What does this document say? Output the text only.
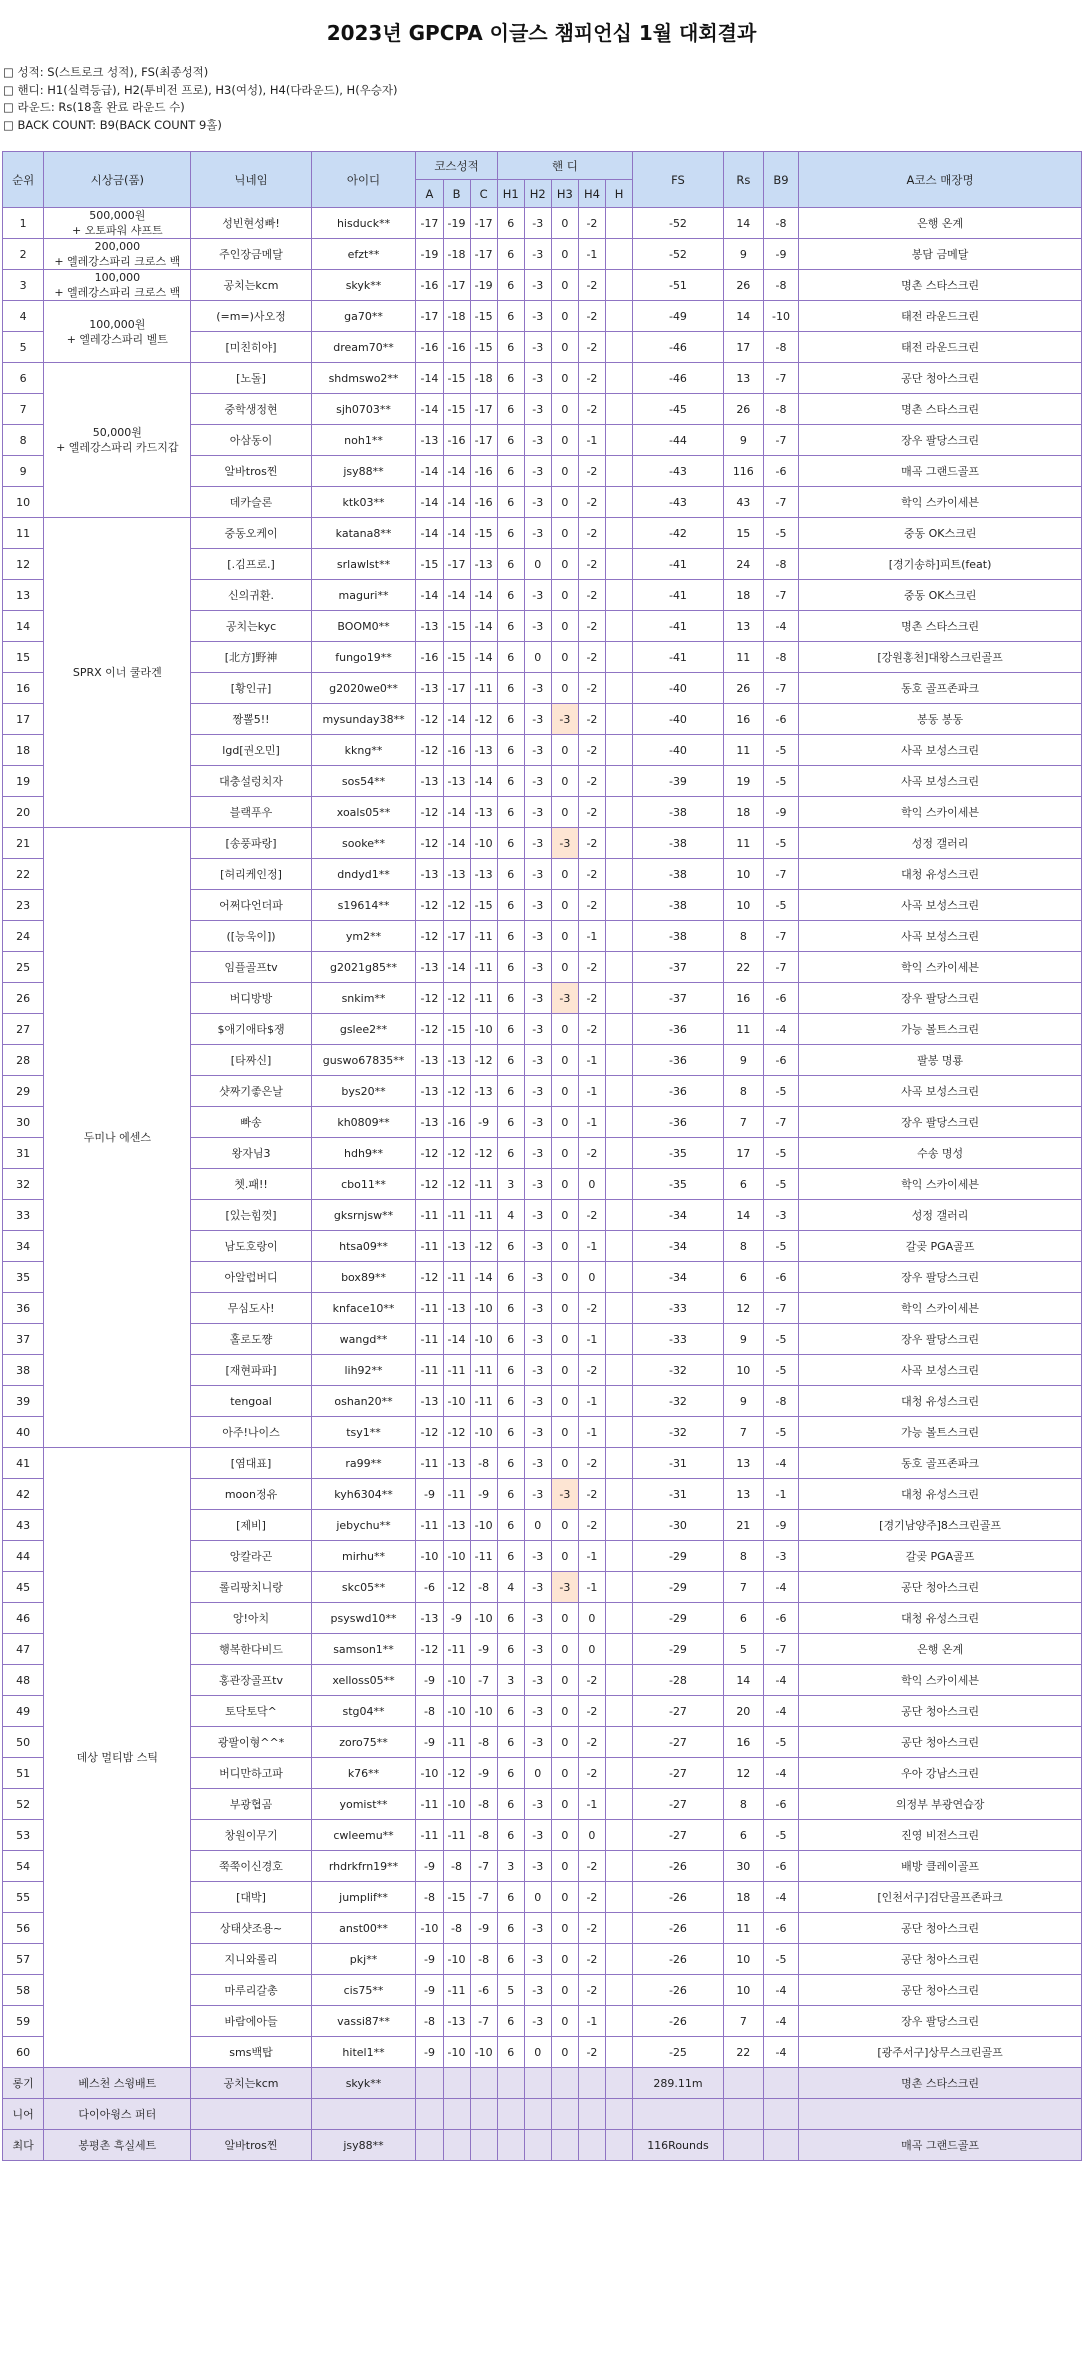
2023년 GPCPA 이글스 챔피언십 1월 대회결과
□ 성적: S(스트로크 성적), FS(최종성적)
□ 핸디: H1(실력등급), H2(투비전 프로), H3(여성), H4(다라운드), H(우승자)
□ 라운드: Rs(18홀 완료 라운드 수)
□ BACK COUNT: B9(BACK COUNT 9홀)
순위	시상금(품)	닉네임	아이디	코스성적			핸 디					FS	Rs	B9	A코스 매장명
				A	B	C	H1	H2	H3	H4	H				
1	500,000원
+ 오토파워 샤프트	성빈현성빠!	hisduck**	-17	-19	-17	6	-3	0	-2		-52	14	-8	은행 온계
2	200,000
+ 엘레강스파리 크로스 백	주인장금메달	efzt**	-19	-18	-17	6	-3	0	-1		-52	9	-9	봉담 금메달
3	100,000
+ 엘레강스파리 크로스 백	공치는kcm	skyk**	-16	-17	-19	6	-3	0	-2		-51	26	-8	명촌 스타스크린
4	100,000원
+ 엘레강스파리 벨트	(=m=)사오정	ga70**	-17	-18	-15	6	-3	0	-2		-49	14	-10	태전 라운드크린
5		[미친히야]	dream70**	-16	-16	-15	6	-3	0	-2		-46	17	-8	태전 라운드크린
6	50,000원
+ 엘레강스파리 카드지갑	[노돌]	shdmswo2**	-14	-15	-18	6	-3	0	-2		-46	13	-7	공단 청아스크린
7		중학생정현	sjh0703**	-14	-15	-17	6	-3	0	-2		-45	26	-8	명촌 스타스크린
8		아삼동이	noh1**	-13	-16	-17	6	-3	0	-1		-44	9	-7	장우 팔당스크린
9		알바tros찐	jsy88**	-14	-14	-16	6	-3	0	-2		-43	116	-6	매곡 그랜드골프
10		데카슬론	ktk03**	-14	-14	-16	6	-3	0	-2		-43	43	-7	학익 스카이세븐
11	SPRX 이너 쿨라겐	중동오케이	katana8**	-14	-14	-15	6	-3	0	-2		-42	15	-5	중동 OK스크린
12		[.김프로.]	srlawlst**	-15	-17	-13	6	0	0	-2		-41	24	-8	[경기송하]피트(feat)
13		신의귀환.	maguri**	-14	-14	-14	6	-3	0	-2		-41	18	-7	중동 OK스크린
14		공치는kyc	BOOM0**	-13	-15	-14	6	-3	0	-2		-41	13	-4	명촌 스타스크린
15		[北方]野神	fungo19**	-16	-15	-14	6	0	0	-2		-41	11	-8	[강원홍천]대왕스크린골프
16		[황인규]	g2020we0**	-13	-17	-11	6	-3	0	-2		-40	26	-7	동호 골프존파크
17		짱뽈5!!	mysunday38**	-12	-14	-12	6	-3	-3	-2		-40	16	-6	봉동 봉동
18		lgd[권오민]	kkng**	-12	-16	-13	6	-3	0	-2		-40	11	-5	사곡 보성스크린
19		대충설렁치자	sos54**	-13	-13	-14	6	-3	0	-2		-39	19	-5	사곡 보성스크린
20		블랙푸우	xoals05**	-12	-14	-13	6	-3	0	-2		-38	18	-9	학익 스카이세븐
21	두미나 에센스	[송풍파랑]	sooke**	-12	-14	-10	6	-3	-3	-2		-38	11	-5	성정 갤러리
22		[허리케인정]	dndyd1**	-13	-13	-13	6	-3	0	-2		-38	10	-7	대청 유성스크린
23		어쩌다언더파	s19614**	-12	-12	-15	6	-3	0	-2		-38	10	-5	사곡 보성스크린
24		([능욱이])	ym2**	-12	-17	-11	6	-3	0	-1		-38	8	-7	사곡 보성스크린
25		임플골프tv	g2021g85**	-13	-14	-11	6	-3	0	-2		-37	22	-7	학익 스카이세븐
26		버디방방	snkim**	-12	-12	-11	6	-3	-3	-2		-37	16	-6	장우 팔당스크린
27		$애기애타$쟁	gslee2**	-12	-15	-10	6	-3	0	-2		-36	11	-4	가능 볼트스크린
28		[타짜신]	guswo67835**	-13	-13	-12	6	-3	0	-1		-36	9	-6	팔봉 명룡
29		샷짜기좋은날	bys20**	-13	-12	-13	6	-3	0	-1		-36	8	-5	사곡 보성스크린
30		빠송	kh0809**	-13	-16	-9	6	-3	0	-1		-36	7	-7	장우 팔당스크린
31		왕자님3	hdh9**	-12	-12	-12	6	-3	0	-2		-35	17	-5	수송 명성
32		쳇.패!!	cbo11**	-12	-12	-11	3	-3	0	0		-35	6	-5	학익 스카이세븐
33		[있는힘껏]	gksrnjsw**	-11	-11	-11	4	-3	0	-2		-34	14	-3	성정 갤러리
34		남도호랑이	htsa09**	-11	-13	-12	6	-3	0	-1		-34	8	-5	갈곶 PGA골프
35		아알럽버디	box89**	-12	-11	-14	6	-3	0	0		-34	6	-6	장우 팔당스크린
36		무심도사!	knface10**	-11	-13	-10	6	-3	0	-2		-33	12	-7	학익 스카이세븐
37		홀로도쨩	wangd**	-11	-14	-10	6	-3	0	-1		-33	9	-5	장우 팔당스크린
38		[재현파파]	lih92**	-11	-11	-11	6	-3	0	-2		-32	10	-5	사곡 보성스크린
39		tengoal	oshan20**	-13	-10	-11	6	-3	0	-1		-32	9	-8	대청 유성스크린
40		아주!나이스	tsy1**	-12	-12	-10	6	-3	0	-1		-32	7	-5	가능 볼트스크린
41	데상 멀티밤 스틱	[염대표]	ra99**	-11	-13	-8	6	-3	0	-2		-31	13	-4	동호 골프존파크
42		moon정유	kyh6304**	-9	-11	-9	6	-3	-3	-2		-31	13	-1	대청 유성스크린
43		[제비]	jebychu**	-11	-13	-10	6	0	0	-2		-30	21	-9	[경기남양주]8스크린골프
44		앙칼라곤	mirhu**	-10	-10	-11	6	-3	0	-1		-29	8	-3	갈곶 PGA골프
45		롤리팡치니랑	skc05**	-6	-12	-8	4	-3	-3	-1		-29	7	-4	공단 청아스크린
46		앙!아치	psyswd10**	-13	-9	-10	6	-3	0	0		-29	6	-6	대청 유성스크린
47		행복한다비드	samson1**	-12	-11	-9	6	-3	0	0		-29	5	-7	은행 온계
48		홍관장골프tv	xelloss05**	-9	-10	-7	3	-3	0	-2		-28	14	-4	학익 스카이세븐
49		토닥토닥^	stg04**	-8	-10	-10	6	-3	0	-2		-27	20	-4	공단 청아스크린
50		광팔이형^^*	zoro75**	-9	-11	-8	6	-3	0	-2		-27	16	-5	공단 청아스크린
51		버디만하고파	k76**	-10	-12	-9	6	0	0	-2		-27	12	-4	우아 강남스크린
52		부광협곰	yomist**	-11	-10	-8	6	-3	0	-1		-27	8	-6	의정부 부광연습장
53		창원이무기	cwleemu**	-11	-11	-8	6	-3	0	0		-27	6	-5	진영 비전스크린
54		쭉쭉이신경호	rhdrkfrn19**	-9	-8	-7	3	-3	0	-2		-26	30	-6	배방 클레이골프
55		[대박]	jumplif**	-8	-15	-7	6	0	0	-2		-26	18	-4	[인천서구]검단골프존파크
56		상태샷조용~	anst00**	-10	-8	-9	6	-3	0	-2		-26	11	-6	공단 청아스크린
57		지니와롤리	pkj**	-9	-10	-8	6	-3	0	-2		-26	10	-5	공단 청아스크린
58		마루리갈총	cis75**	-9	-11	-6	5	-3	0	-2		-26	10	-4	공단 청아스크린
59		바람에아들	vassi87**	-8	-13	-7	6	-3	0	-1		-26	7	-4	장우 팔당스크린
60		sms백탑	hitel1**	-9	-10	-10	6	0	0	-2		-25	22	-4	[광주서구]상무스크린골프
롱기	베스천 스윙배트	공치는kcm	skyk**									289.11m			명촌 스타스크린
니어	다이아윙스 퍼터														
최다	봉평촌 흑실세트	알바tros찐	jsy88**									116Rounds			매곡 그랜드골프
